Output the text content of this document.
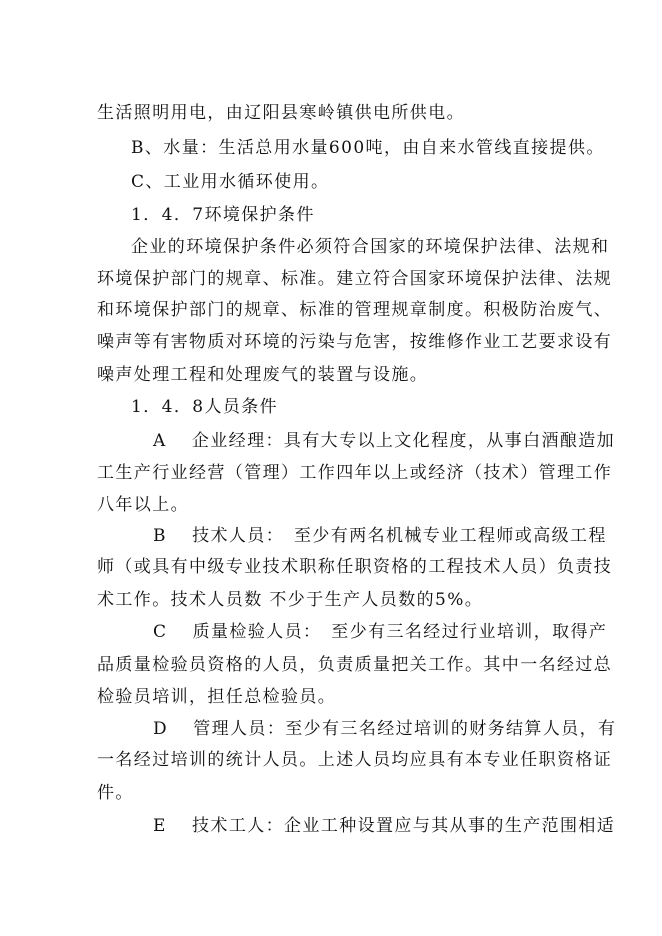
生活照明用电，由辽阳县寒岭镇供电所供电。
B、水量：生活总用水量600吨，由自来水管线直接提供。
C、工业用水循环使用。
1．4．7环境保护条件
企业的环境保护条件必须符合国家的环境保护法律、法规和
环境保护部门的规章、标准。建立符合国家环境保护法律、法规
和环境保护部门的规章、标准的管理规章制度。积极防治废气、
噪声等有害物质对环境的污染与危害，按维修作业工艺要求设有
噪声处理工程和处理废气的装置与设施。
1．4．8人员条件
A　 企业经理：具有大专以上文化程度，从事白酒酿造加
工生产行业经营（管理）工作四年以上或经济（技术）管理工作
八年以上。
B　 技术人员：　至少有两名机械专业工程师或高级工程
师（或具有中级专业技术职称任职资格的工程技术人员）负责技
术工作。技术人员数 不少于生产人员数的5%。
C　 质量检验人员：　至少有三名经过行业培训，取得产
品质量检验员资格的人员，负责质量把关工作。其中一名经过总
检验员培训，担任总检验员。
D　 管理人员：至少有三名经过培训的财务结算人员，有
一名经过培训的统计人员。上述人员均应具有本专业任职资格证
件。
E　 技术工人：企业工种设置应与其从事的生产范围相适
